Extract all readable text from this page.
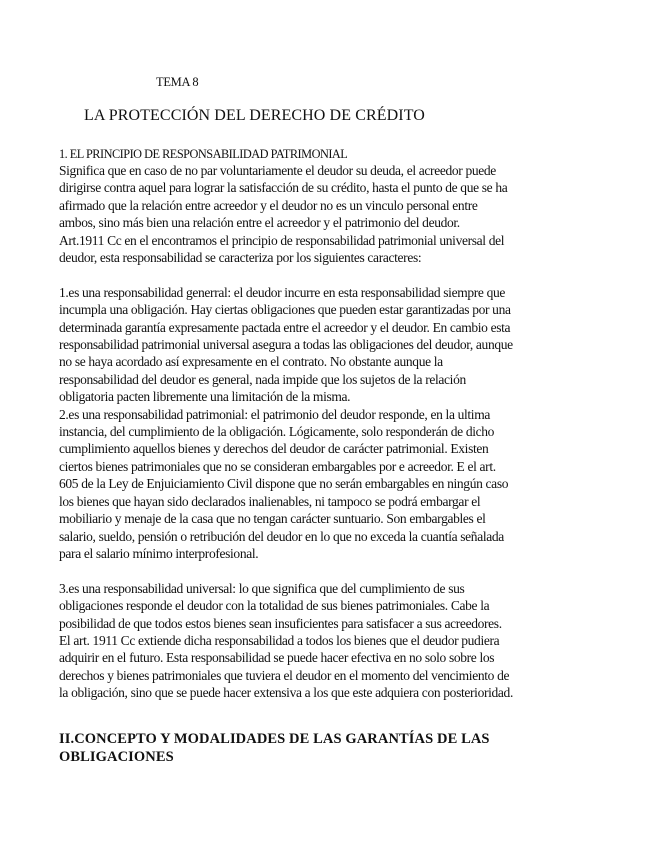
TEMA 8
LA PROTECCIÓN DEL DERECHO DE CRÉDITO
1. EL PRINCIPIO DE RESPONSABILIDAD PATRIMONIAL
Significa que en caso de no par voluntariamente el deudor su deuda, el acreedor puede
dirigirse contra aquel para lograr la satisfacción de su crédito, hasta el punto de que se ha
afirmado que la relación entre acreedor y el deudor no es un vinculo personal entre
ambos, sino más bien una relación entre el acreedor y el patrimonio del deudor.
Art.1911 Cc en el encontramos el principio de responsabilidad patrimonial universal del
deudor, esta responsabilidad se caracteriza por los siguientes caracteres:
1.es una responsabilidad generral: el deudor incurre en esta responsabilidad siempre que
incumpla una obligación. Hay ciertas obligaciones que pueden estar garantizadas por una
determinada garantía expresamente pactada entre el acreedor y el deudor. En cambio esta
responsabilidad patrimonial universal asegura a todas las obligaciones del deudor, aunque
no se haya acordado así expresamente en el contrato. No obstante aunque la
responsabilidad del deudor es general, nada impide que los sujetos de la relación
obligatoria pacten libremente una limitación de la misma.
2.es una responsabilidad patrimonial: el patrimonio del deudor responde, en la ultima
instancia, del cumplimiento de la obligación. Lógicamente, solo responderán de dicho
cumplimiento aquellos bienes y derechos del deudor de carácter patrimonial. Existen
ciertos bienes patrimoniales que no se consideran embargables por e acreedor. E el art.
605 de la Ley de Enjuiciamiento Civil dispone que no serán embargables en ningún caso
los bienes que hayan sido declarados inalienables, ni tampoco se podrá embargar el
mobiliario y menaje de la casa que no tengan carácter suntuario. Son embargables el
salario, sueldo, pensión o retribución del deudor en lo que no exceda la cuantía señalada
para el salario mínimo interprofesional.
3.es una responsabilidad universal: lo que significa que del cumplimiento de sus
obligaciones responde el deudor con la totalidad de sus bienes patrimoniales. Cabe la
posibilidad de que todos estos bienes sean insuficientes para satisfacer a sus acreedores.
El art. 1911 Cc extiende dicha responsabilidad a todos los bienes que el deudor pudiera
adquirir en el futuro. Esta responsabilidad se puede hacer efectiva en no solo sobre los
derechos y bienes patrimoniales que tuviera el deudor en el momento del vencimiento de
la obligación, sino que se puede hacer extensiva a los que este adquiera con posterioridad.
II.CONCEPTO Y MODALIDADES DE LAS GARANTÍAS DE LAS
OBLIGACIONES
